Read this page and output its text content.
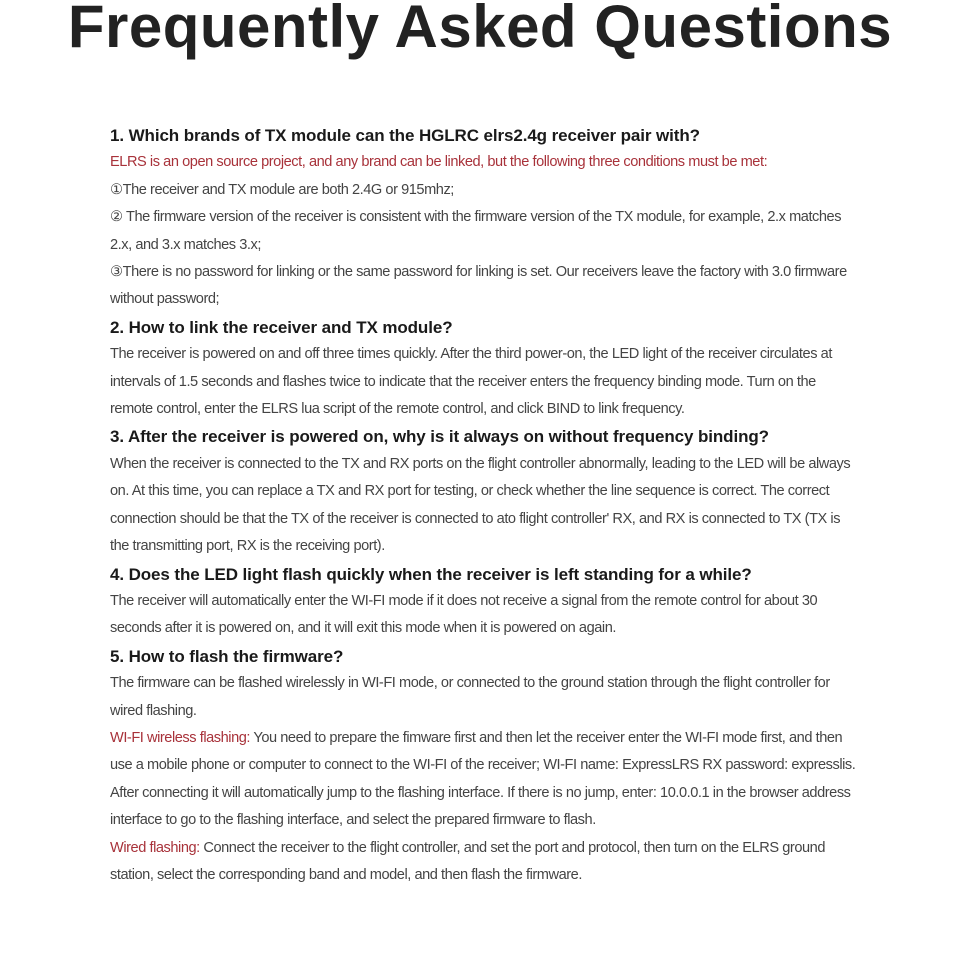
Frequently Asked Questions
1. Which brands of TX module can the HGLRC elrs2.4g receiver pair with?

ELRS is an open source project, and any brand can be linked, but the following three conditions must be met:

①The receiver and TX module are both 2.4G or 915mhz;

② The firmware version of the receiver is consistent with the firmware version of the TX module, for example, 2.x matches 2.x, and 3.x matches 3.x;

③There is no password for linking or the same password for linking is set. Our receivers leave the factory with 3.0 firmware without password;

2. How to link the receiver and TX module?

The receiver is powered on and off three times quickly. After the third power-on, the LED light of the receiver circulates at intervals of 1.5 seconds and flashes twice to indicate that the receiver enters the frequency binding mode. Turn on the remote control, enter the ELRS lua script of the remote control, and click BIND to link frequency.

3. After the receiver is powered on, why is it always on without frequency binding?

When the receiver is connected to the TX and RX ports on the flight controller abnormally, leading to the LED will be always on. At this time, you can replace a TX and RX port for testing, or check whether the line sequence is correct. The correct connection should be that the TX of the receiver is connected to ato flight controller' RX, and RX is connected to TX (TX is the transmitting port, RX is the receiving port).

4. Does the LED light flash quickly when the receiver is left standing for a while?

The receiver will automatically enter the WI-FI mode if it does not receive a signal from the remote control for about 30 seconds after it is powered on, and it will exit this mode when it is powered on again.

5. How to flash the firmware?

The firmware can be flashed wirelessly in WI-FI mode, or connected to the ground station through the flight controller for wired flashing.

WI-FI wireless flashing: You need to prepare the fimware first and then let the receiver enter the WI-FI mode first, and then use a mobile phone or computer to connect to the WI-FI of the receiver; WI-FI name: ExpressLRS RX password: expresslis. After connecting it will automatically jump to the flashing interface. If there is no jump, enter: 10.0.0.1 in the browser address interface to go to the flashing interface, and select the prepared firmware to flash.

Wired flashing: Connect the receiver to the flight controller, and set the port and protocol, then turn on the ELRS ground station, select the corresponding band and model, and then flash the firmware.
